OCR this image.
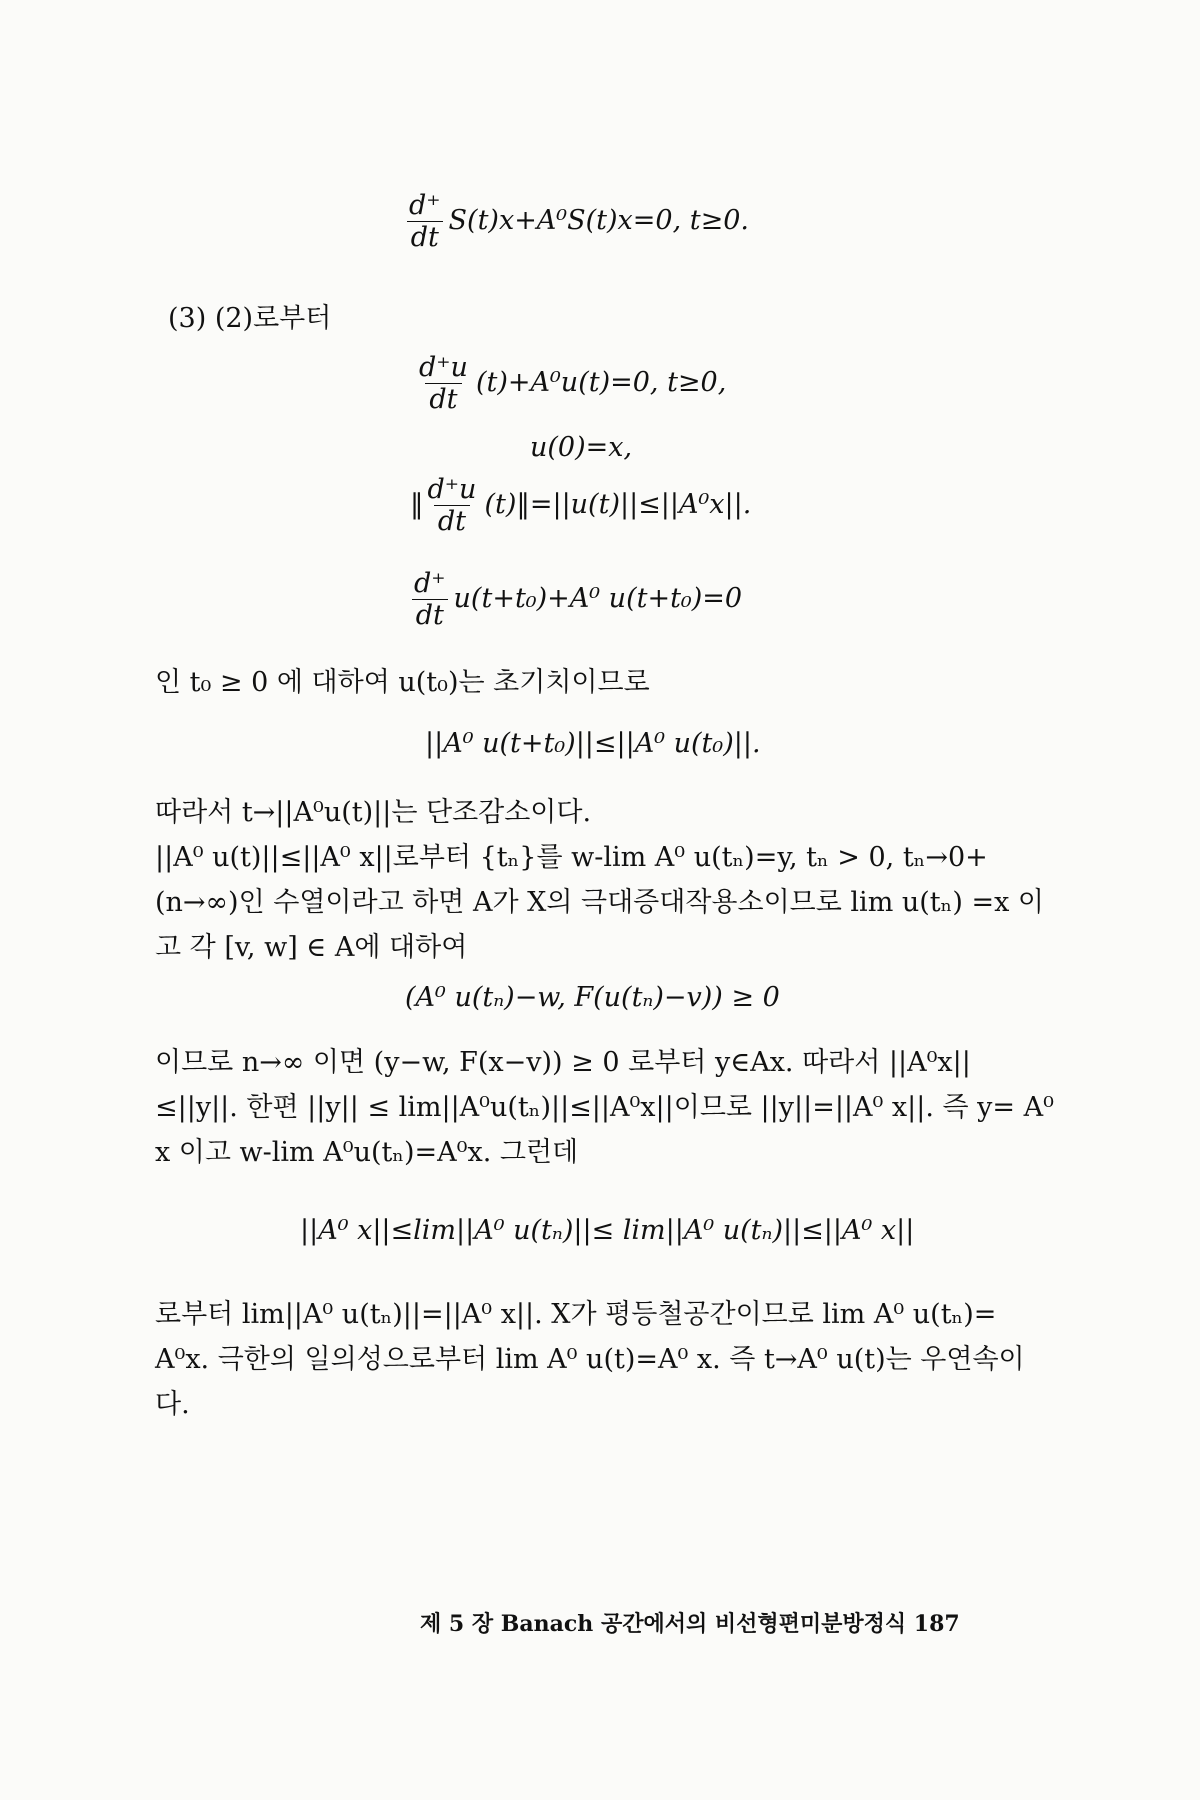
$\frac{d^+}{dt} S(t)x+A^0S(t)x=0$, t≥0.
(3) (2)로부터
$\frac{d^+u}{dt} (t)+A^0u(t)=0$, t≥0,
u(0)=x,
‖ $\frac{d^+u}{dt}$ (t)‖=||u(t)||≤||A⁰x||.
$\frac{d^+}{dt} u(t+t_0)+A^0$ u(t+t₀)=0
인 t₀ ≥ 0 에 대하여 u(t₀)는 초기치이므로
||A⁰ u(t+t₀)||≤||A⁰ u(t₀)||.
따라서 t→||A⁰u(t)||는 단조감소이다.
||A⁰ u(t)||≤||A⁰ x||로부터 {tₙ}를 w-lim A⁰ u(tₙ)=y, tₙ > 0, tₙ→0+ (n→∞)인 수열이라고 하면 A가 X의 극대증대작용소이므로 lim u(tₙ) =x 이고 각 [v, w] ∈ A에 대하여
(A⁰ u(tₙ)−w, F(u(tₙ)−v)) ≥ 0
이므로 n→∞ 이면 (y−w, F(x−v)) ≥ 0 로부터 y∈Ax. 따라서 ||A⁰x|| ≤||y||. 한편 ||y|| ≤ lim||A⁰u(tₙ)||≤||A⁰x||이므로 ||y||=||A⁰ x||. 즉 y= A⁰ x 이고 w-lim A⁰u(tₙ)=A⁰x. 그런데
||A⁰ x||≤lim||A⁰ u(tₙ)||≤ lim||A⁰ u(tₙ)||≤||A⁰ x||
로부터 lim||A⁰ u(tₙ)||=||A⁰ x||. X가 평등철공간이므로 lim A⁰ u(tₙ)= A⁰x. 극한의 일의성으로부터 lim A⁰ u(t)=A⁰ x. 즉 t→A⁰ u(t)는 우연속이다.
제 5 장 Banach 공간에서의 비선형편미분방정식 187
